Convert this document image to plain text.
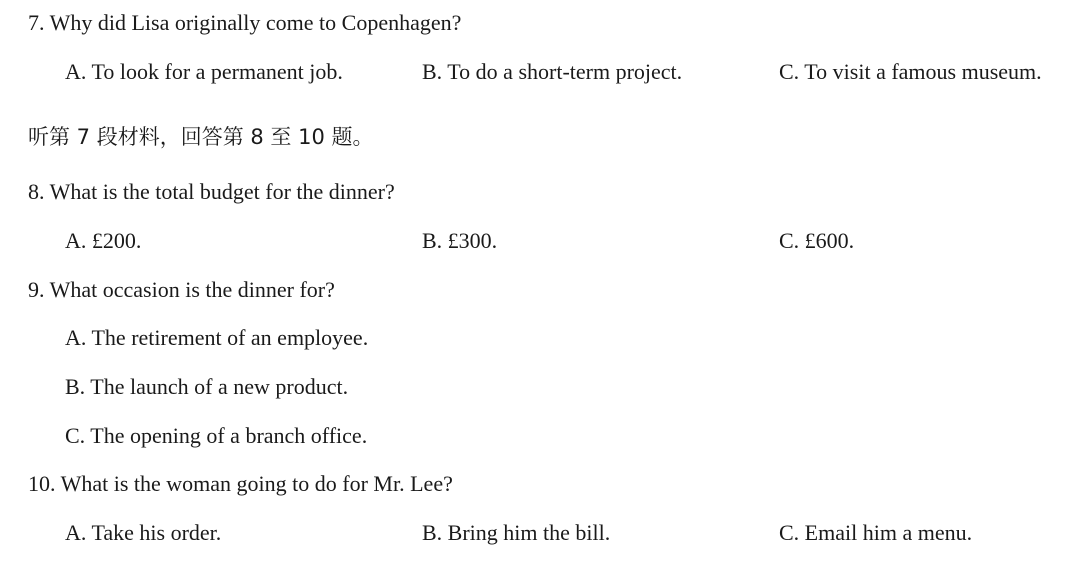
7. Why did Lisa originally come to Copenhagen?
A. To look for a permanent job.	B. To do a short-term project.	C. To visit a famous museum.
听第 7 段材料，回答第 8 至 10 题。
8. What is the total budget for the dinner?
A. £200.	B. £300.	C. £600.
9. What occasion is the dinner for?
A. The retirement of an employee.
B. The launch of a new product.
C. The opening of a branch office.
10. What is the woman going to do for Mr. Lee?
A. Take his order.	B. Bring him the bill.	C. Email him a menu.
